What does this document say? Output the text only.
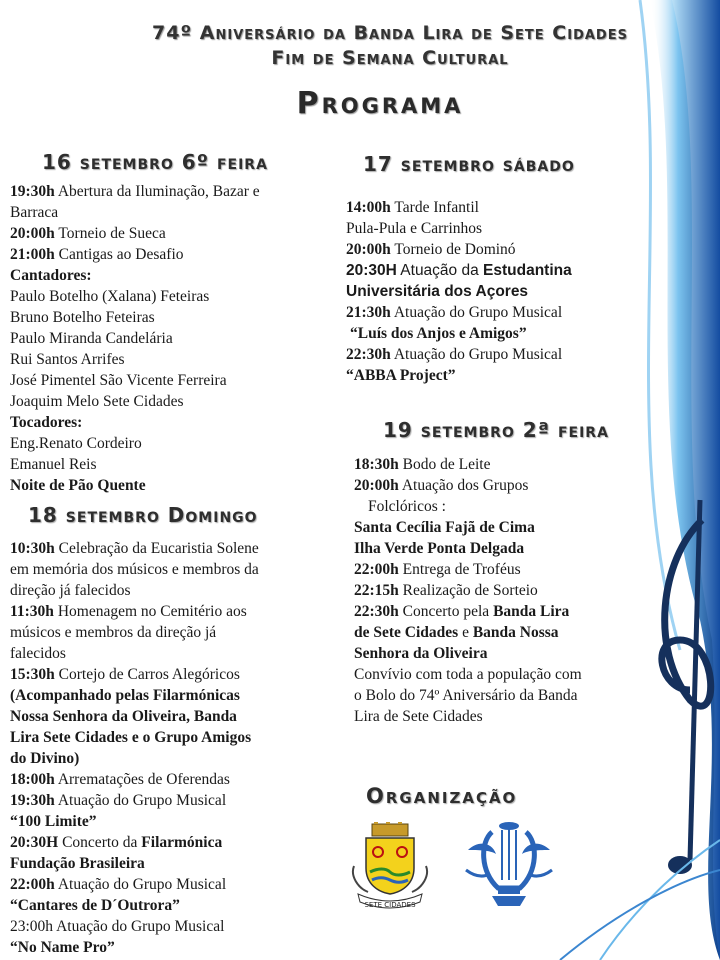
74º Aniversário da Banda Lira de Sete Cidades
Fim de Semana Cultural
Programa
16 setembro 6º feira
19:30h Abertura da Iluminação, Bazar e
Barraca
20:00h Torneio de Sueca
21:00h Cantigas ao Desafio
Cantadores:
Paulo Botelho (Xalana) Feteiras
Bruno Botelho Feteiras
Paulo Miranda Candelária
Rui Santos Arrifes
José Pimentel São Vicente Ferreira
Joaquim Melo Sete Cidades
Tocadores:
Eng.Renato Cordeiro
Emanuel Reis
Noite de Pão Quente
18 setembro Domingo
10:30h Celebração da Eucaristia Solene
em memória dos músicos e membros da
direção já falecidos
11:30h Homenagem no Cemitério aos
músicos e membros da direção já
falecidos
15:30h Cortejo de Carros Alegóricos
(Acompanhado pelas Filarmónicas
Nossa Senhora da Oliveira, Banda
Lira Sete Cidades e o Grupo Amigos
do Divino)
18:00h Arrematações de Oferendas
19:30h Atuação do Grupo Musical
“100 Limite”
20:30H Concerto da Filarmónica
Fundação Brasileira
22:00h Atuação do Grupo Musical
“Cantares de D´Outrora”
23:00h Atuação do Grupo Musical
“No Name Pro”
17 setembro sábado
14:00h Tarde Infantil
Pula-Pula e Carrinhos
20:00h Torneio de Dominó
20:30H Atuação da Estudantina
Universitária dos Açores
21:30h Atuação do Grupo Musical
“Luís dos Anjos e Amigos”
22:30h Atuação do Grupo Musical
“ABBA Project”
19 setembro 2ª feira
18:30h Bodo de Leite
20:00h Atuação dos Grupos
Folclóricos :
Santa Cecília Fajã de Cima
Ilha Verde Ponta Delgada
22:00h Entrega de Troféus
22:15h Realização de Sorteio
22:30h Concerto pela Banda Lira
de Sete Cidades e Banda Nossa
Senhora da Oliveira
Convívio com toda a população com
o Bolo do 74º Aniversário da Banda
Lira de Sete Cidades
Organização
SETE CIDADES
